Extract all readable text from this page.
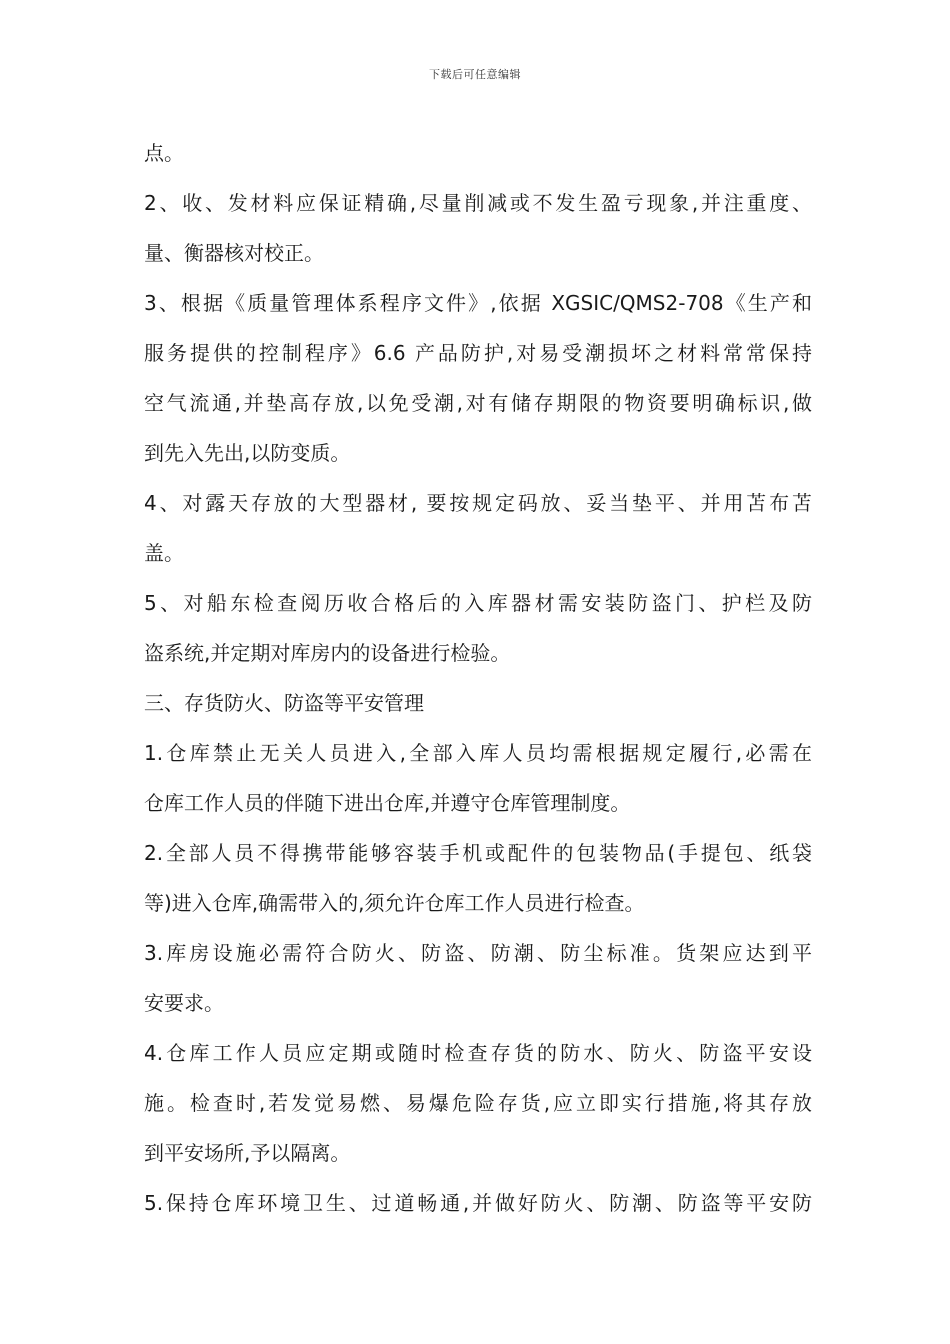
下载后可任意编辑
点。
2、收、发材料应保证精确,尽量削减或不发生盈亏现象,并注重度、
量、衡器核对校正。
3、根据《质量管理体系程序文件》,依据 XGSIC/QMS2-708《生产和
服务提供的控制程序》6.6 产品防护,对易受潮损坏之材料常常保持
空气流通,并垫高存放,以免受潮,对有储存期限的物资要明确标识,做
到先入先出,以防变质。
4、对露天存放的大型器材, 要按规定码放、妥当垫平、并用苫布苫
盖。
5、对船东检查阅历收合格后的入库器材需安装防盗门、护栏及防
盗系统,并定期对库房内的设备进行检验。
三、存货防火、防盗等平安管理
1.仓库禁止无关人员进入,全部入库人员均需根据规定履行,必需在
仓库工作人员的伴随下进出仓库,并遵守仓库管理制度。
2.全部人员不得携带能够容装手机或配件的包装物品(手提包、纸袋
等)进入仓库,确需带入的,须允许仓库工作人员进行检查。
3.库房设施必需符合防火、防盗、防潮、防尘标准。货架应达到平
安要求。
4.仓库工作人员应定期或随时检查存货的防水、防火、防盗平安设
施。检查时,若发觉易燃、易爆危险存货,应立即实行措施,将其存放
到平安场所,予以隔离。
5.保持仓库环境卫生、过道畅通,并做好防火、防潮、防盗等平安防
